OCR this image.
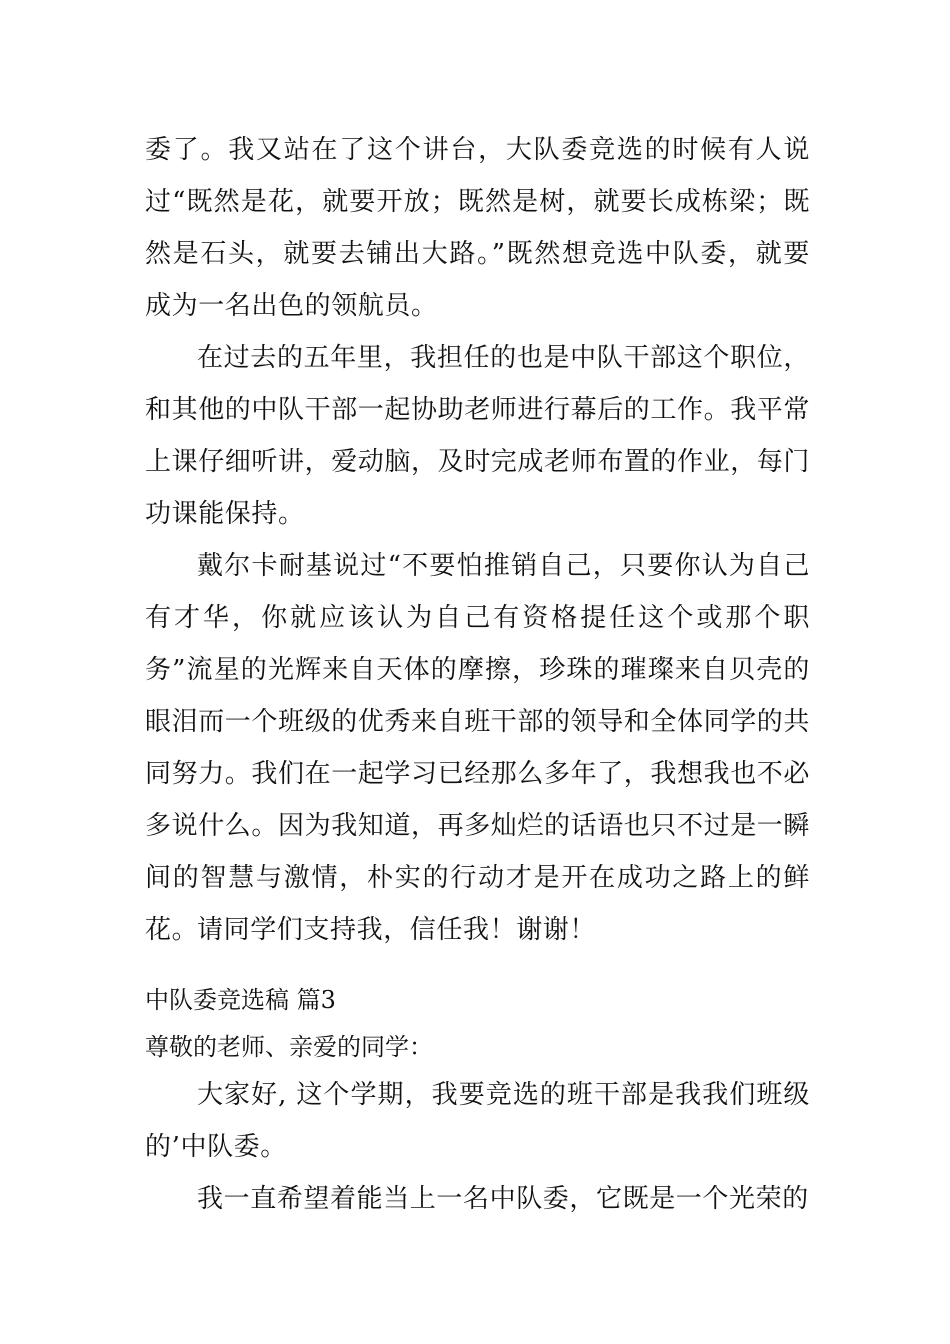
委了。我又站在了这个讲台，大队委竞选的时候有人说过“既然是花，就要开放；既然是树，就要长成栋梁；既然是石头，就要去铺出大路。”既然想竞选中队委，就要成为一名出色的领航员。

在过去的五年里，我担任的也是中队干部这个职位，和其他的中队干部一起协助老师进行幕后的工作。我平常上课仔细听讲，爱动脑，及时完成老师布置的作业，每门功课能保持。

戴尔卡耐基说过“不要怕推销自己，只要你认为自己有才华，你就应该认为自己有资格提任这个或那个职务”流星的光辉来自天体的摩擦，珍珠的璀璨来自贝壳的眼泪而一个班级的优秀来自班干部的领导和全体同学的共同努力。我们在一起学习已经那么多年了，我想我也不必多说什么。因为我知道，再多灿烂的话语也只不过是一瞬间的智慧与激情，朴实的行动才是开在成功之路上的鲜花。

请同学们支持我，信任我！谢谢！

中队委竞选稿 篇3

尊敬的老师、亲爱的同学：

大家好, 这个学期，我要竞选的班干部是我我们班级的’中队委。

我一直希望着能当上一名中队委，它既是一个光荣的
